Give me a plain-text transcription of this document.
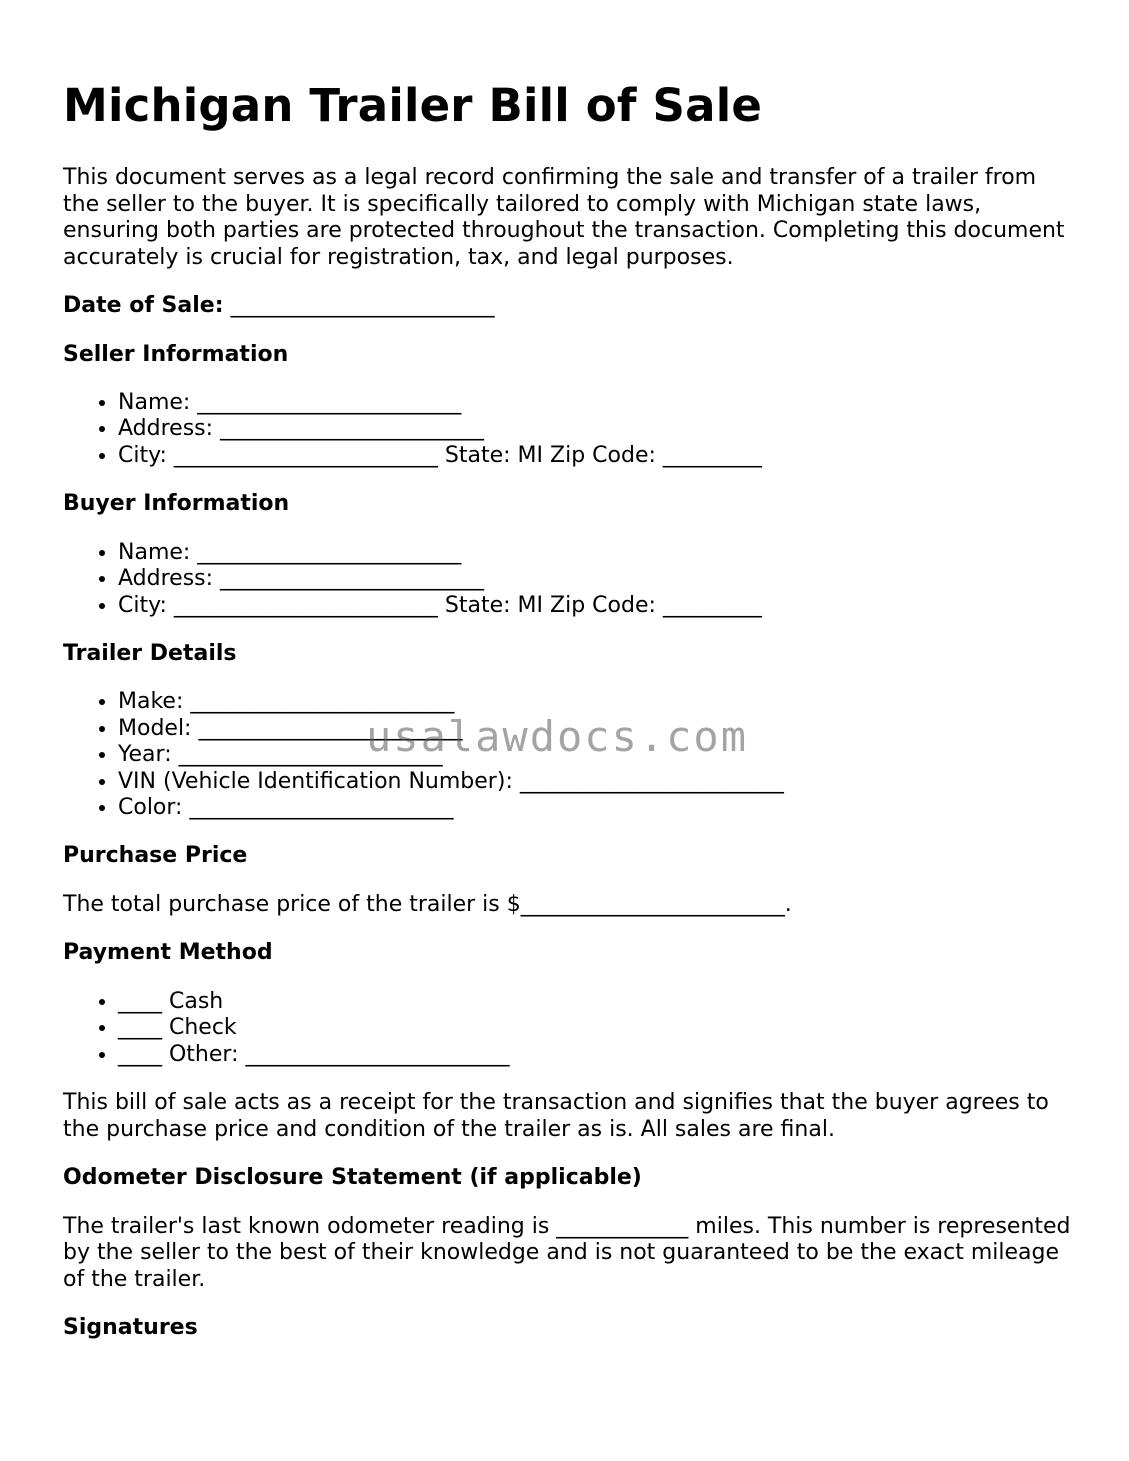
Michigan Trailer Bill of Sale

This document serves as a legal record confirming the sale and transfer of a trailer from the seller to the buyer. It is specifically tailored to comply with Michigan state laws, ensuring both parties are protected throughout the transaction. Completing this document accurately is crucial for registration, tax, and legal purposes.

Date of Sale: ________________________
Seller Information
• Name: ________________________
• Address: ________________________
• City: ________________________ State: MI Zip Code: _________
Buyer Information
• Name: ________________________
• Address: ________________________
• City: ________________________ State: MI Zip Code: _________
Trailer Details
• Make: ________________________
• Model: ________________________
• Year: ________________________
• VIN (Vehicle Identification Number): ________________________
• Color: ________________________
Purchase Price

The total purchase price of the trailer is $________________________.

Payment Method
• ____ Cash
• ____ Check
• ____ Other: ________________________

This bill of sale acts as a receipt for the transaction and signifies that the buyer agrees to the purchase price and condition of the trailer as is. All sales are final.

Odometer Disclosure Statement (if applicable)

The trailer's last known odometer reading is ____________ miles. This number is represented by the seller to the best of their knowledge and is not guaranteed to be the exact mileage of the trailer.

Signatures
usalawdocs.com
